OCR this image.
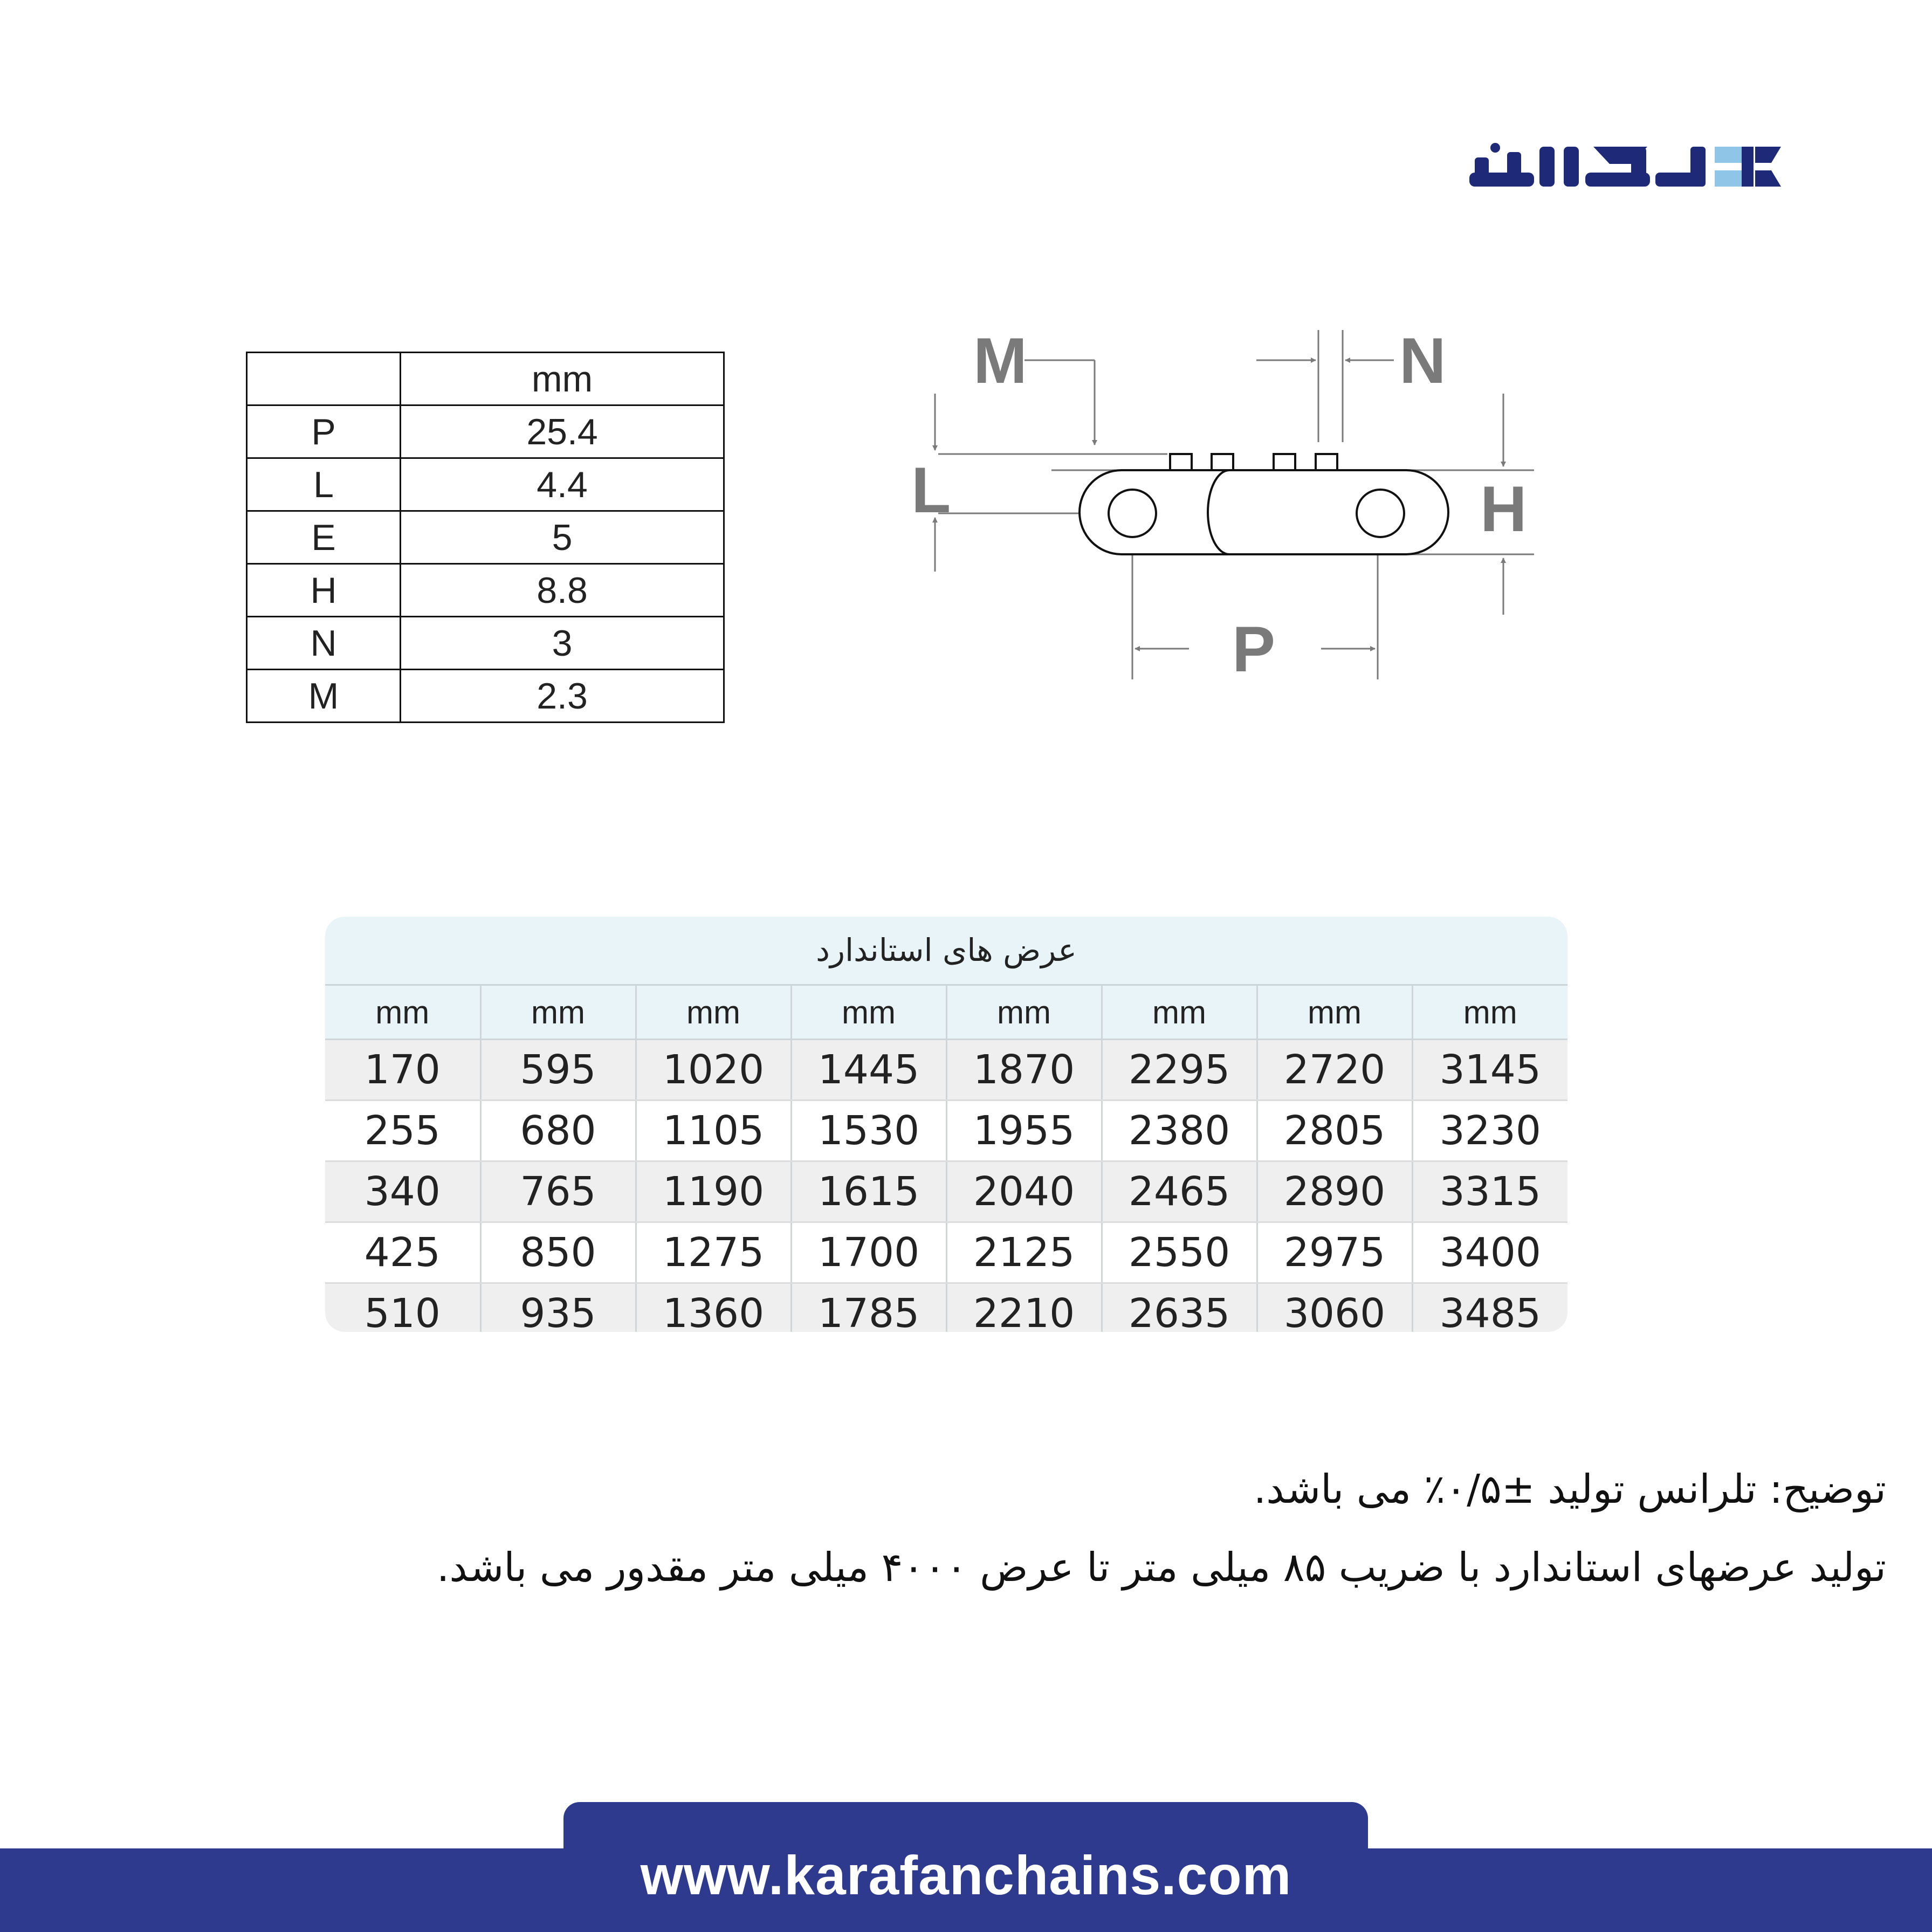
	mm
P	25.4
L	4.4
E	5
H	8.8
N	3
M	2.3
M	N
L	H
P
عرض های استاندارد
mm	mm	mm	mm	mm	mm	mm	mm
170	595	1020	1445	1870	2295	2720	3145
255	680	1105	1530	1955	2380	2805	3230
340	765	1190	1615	2040	2465	2890	3315
425	850	1275	1700	2125	2550	2975	3400
510	935	1360	1785	2210	2635	3060	3485

توضیح: تلرانس تولید ±۰/۵٪ می باشد.

تولید عرضهای استاندارد با ضریب ۸۵ میلی متر تا عرض ۴۰۰۰ میلی متر مقدور می باشد.

www.karafanchains.com
